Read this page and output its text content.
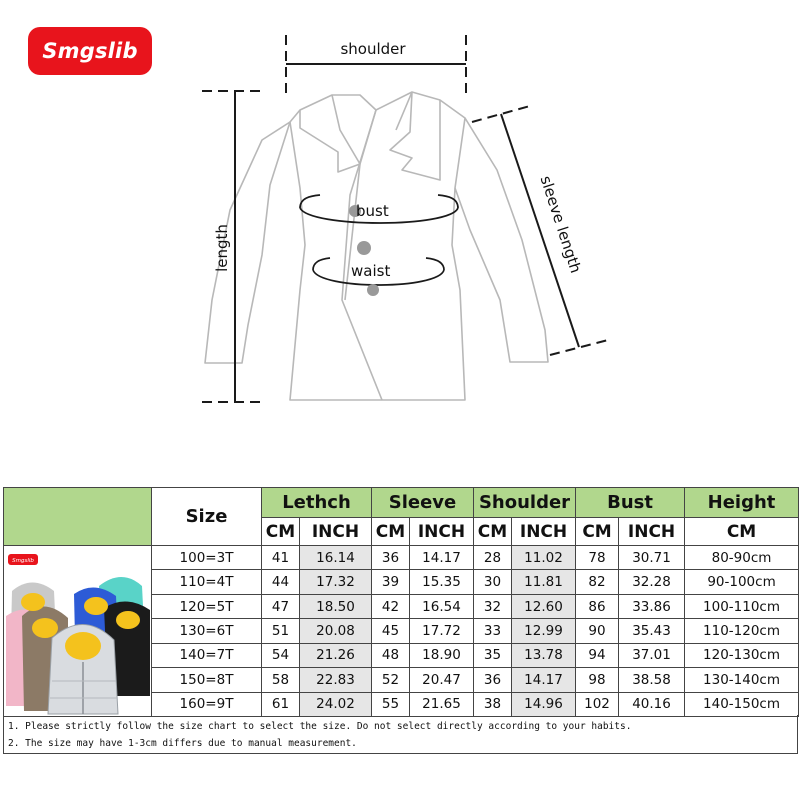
Smgslib	shoulder
length	sleeve length
bust
waist
	Size	Lethch		Sleeve		Shoulder		Bust		Height
		CM	INCH	CM	INCH	CM	INCH	CM	INCH	CM

Smgslib	100=3T	41	16.14	36	14.17	28	11.02	78	30.71	80-90cm
	110=4T	44	17.32	39	15.35	30	11.81	82	32.28	90-100cm
	120=5T	47	18.50	42	16.54	32	12.60	86	33.86	100-110cm
	130=6T	51	20.08	45	17.72	33	12.99	90	35.43	110-120cm
	140=7T	54	21.26	48	18.90	35	13.78	94	37.01	120-130cm
	150=8T	58	22.83	52	20.47	36	14.17	98	38.58	130-140cm
	160=9T	61	24.02	55	21.65	38	14.96	102	40.16	140-150cm
1. Please strictly follow the size chart to select the size. Do not select directly according to your habits.
2. The size may have 1-3cm differs due to manual measurement.
